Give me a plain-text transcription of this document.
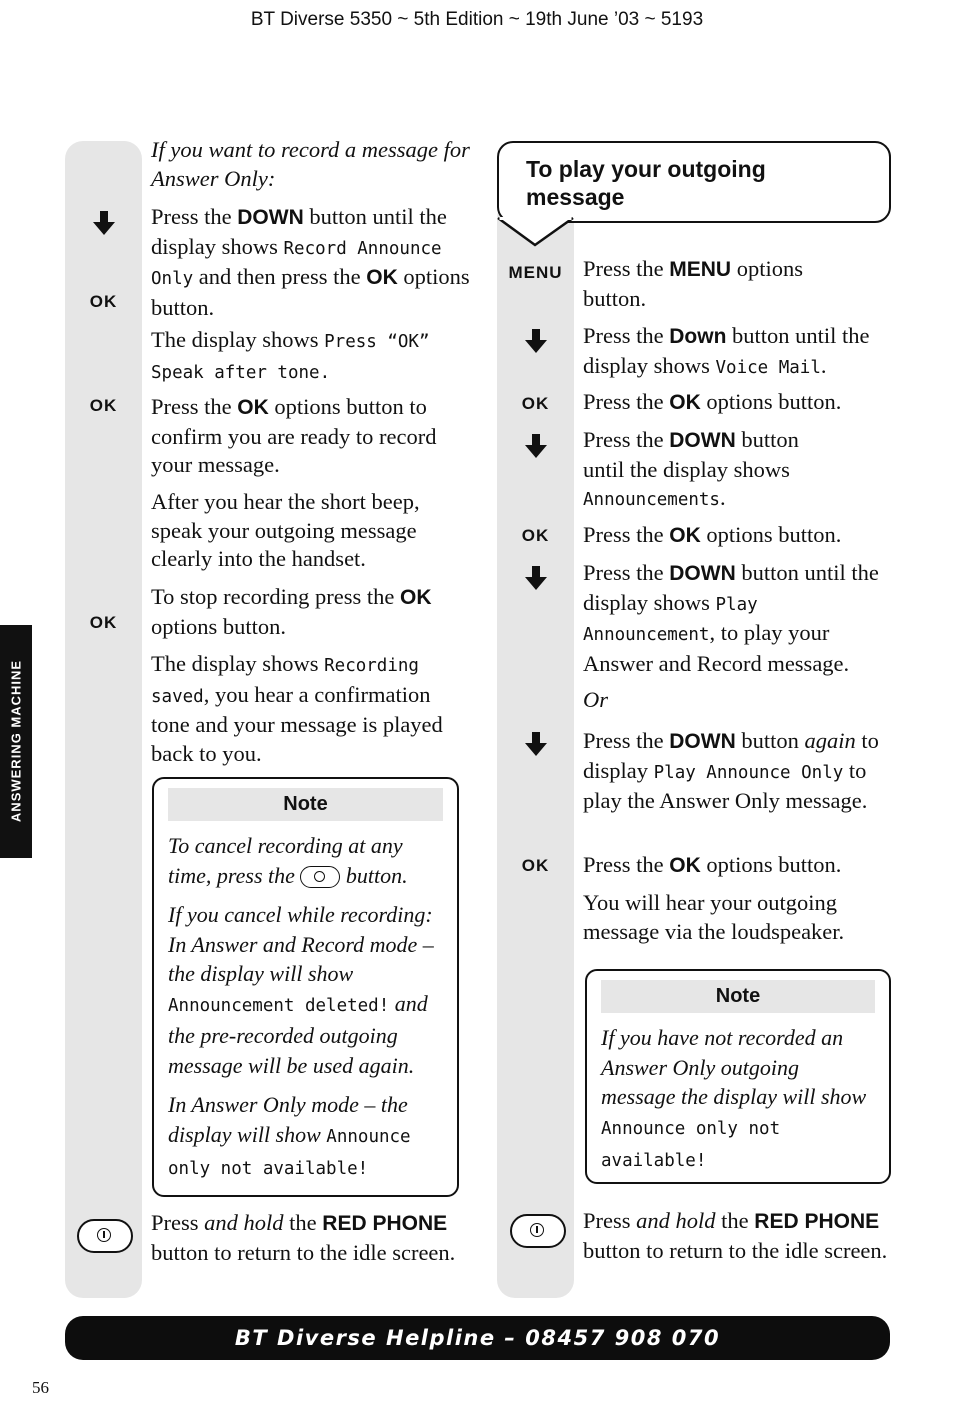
BT Diverse 5350 ~ 5th Edition ~ 19th June ’03 ~ 5193
ANSWERING MACHINE
OK
OK
OK
If you want to record a message for Answer Only:
Press the DOWN button until the display shows Record Announce Only and then press the OK options button.
The display shows Press “OK” Speak after tone.
Press the OK options button to confirm you are ready to record your message.
After you hear the short beep, speak your outgoing message clearly into the handset.
To stop recording press the OK options button.
The display shows Recording saved, you hear a confirmation tone and your message is played back to you.
Note
To cancel recording at any time, press the
button.
If you cancel while recording: In Answer and Record mode – the display will show Announcement deleted! and the pre-recorded outgoing message will be used again.
In Answer Only mode – the display will show Announce only not available!
Press and hold the RED PHONE button to return to the idle screen.
To play your outgoing message
MENU
OK
OK
OK
Press the MENU options button.
Press the Down button until the display shows Voice Mail.
Press the OK options button.
Press the DOWN button until the display shows Announcements.
Press the OK options button.
Press the DOWN button until the display shows Play Announcement, to play your Answer and Record message.
Or
Press the DOWN button again to display Play Announce Only to play the Answer Only message.
Press the OK options button.
You will hear your outgoing message via the loudspeaker.
Note
If you have not recorded an Answer Only outgoing message the display will show Announce only not available!
Press and hold the RED PHONE button to return to the idle screen.
BT Diverse Helpline – 08457 908 070
56
